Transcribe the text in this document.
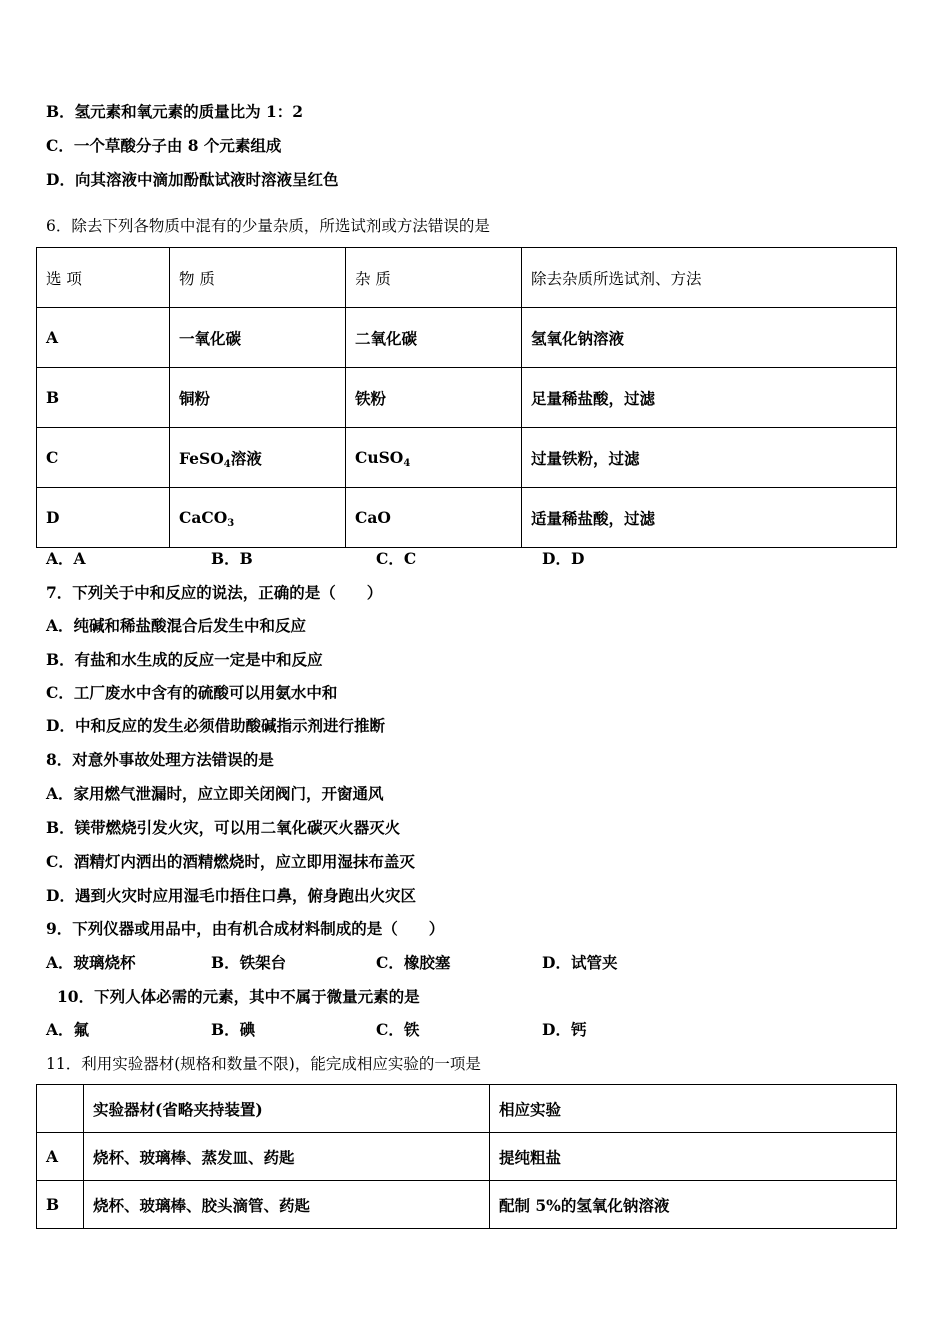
B．氢元素和氧元素的质量比为 1：2
C．一个草酸分子由 8 个元素组成
D．向其溶液中滴加酚酞试液时溶液呈红色
6．除去下列各物质中混有的少量杂质，所选试剂或方法错误的是
选 项	物 质	杂 质	除去杂质所选试剂、方法
A	一氧化碳	二氧化碳	氢氧化钠溶液
B	铜粉	铁粉	足量稀盐酸，过滤
C	FeSO$_4$溶液	CuSO$_4$	过量铁粉，过滤
D	CaCO$_3$	CaO	适量稀盐酸，过滤
A．A	B．B	C．C	D．D
7．下列关于中和反应的说法，正确的是（　　）
A．纯碱和稀盐酸混合后发生中和反应
B．有盐和水生成的反应一定是中和反应
C．工厂废水中含有的硫酸可以用氨水中和
D．中和反应的发生必须借助酸碱指示剂进行推断
8．对意外事故处理方法错误的是
A．家用燃气泄漏时，应立即关闭阀门，开窗通风
B．镁带燃烧引发火灾，可以用二氧化碳灭火器灭火
C．酒精灯内洒出的酒精燃烧时，应立即用湿抹布盖灭
D．遇到火灾时应用湿毛巾捂住口鼻，俯身跑出火灾区
9．下列仪器或用品中，由有机合成材料制成的是（　　）
A．玻璃烧杯	B．铁架台	C．橡胶塞	D．试管夹
10．下列人体必需的元素，其中不属于微量元素的是
A．氟	B．碘	C．铁	D．钙
11．利用实验器材(规格和数量不限)，能完成相应实验的一项是
	实验器材(省略夹持装置)	相应实验
A	烧杯、玻璃棒、蒸发皿、药匙	提纯粗盐
B	烧杯、玻璃棒、胶头滴管、药匙	配制 5%的氢氧化钠溶液
